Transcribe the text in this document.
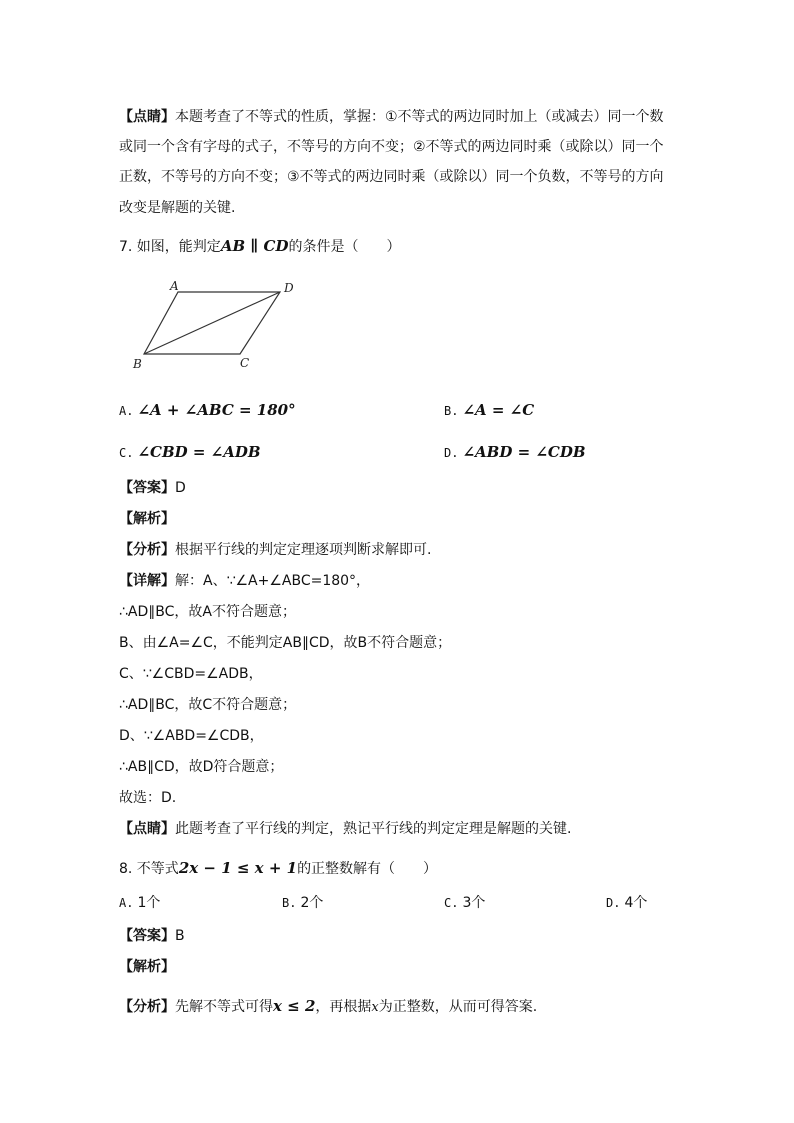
【点睛】本题考查了不等式的性质，掌握：①不等式的两边同时加上（或减去）同一个数
或同一个含有字母的式子，不等号的方向不变；②不等式的两边同时乘（或除以）同一个
正数，不等号的方向不变；③不等式的两边同时乘（或除以）同一个负数，不等号的方向
改变是解题的关键.
7. 如图，能判定AB ∥ CD的条件是（　　）
A	D
B	C
A. ∠A + ∠ABC = 180°	B. ∠A = ∠C
C. ∠CBD = ∠ADB	D. ∠ABD = ∠CDB
【答案】D
【解析】
【分析】根据平行线的判定定理逐项判断求解即可.
【详解】解：A、∵∠A+∠ABC=180°，
∴AD∥BC，故A不符合题意；
B、由∠A=∠C，不能判定AB∥CD，故B不符合题意；
C、∵∠CBD=∠ADB，
∴AD∥BC，故C不符合题意；
D、∵∠ABD=∠CDB，
∴AB∥CD，故D符合题意；
故选：D.
【点睛】此题考查了平行线的判定，熟记平行线的判定定理是解题的关键.
8. 不等式2x − 1 ≤ x + 1的正整数解有（　　）
A. 1个	B. 2个	C. 3个	D. 4个
【答案】B
【解析】
【分析】先解不等式可得x ≤ 2，再根据x为正整数，从而可得答案.
